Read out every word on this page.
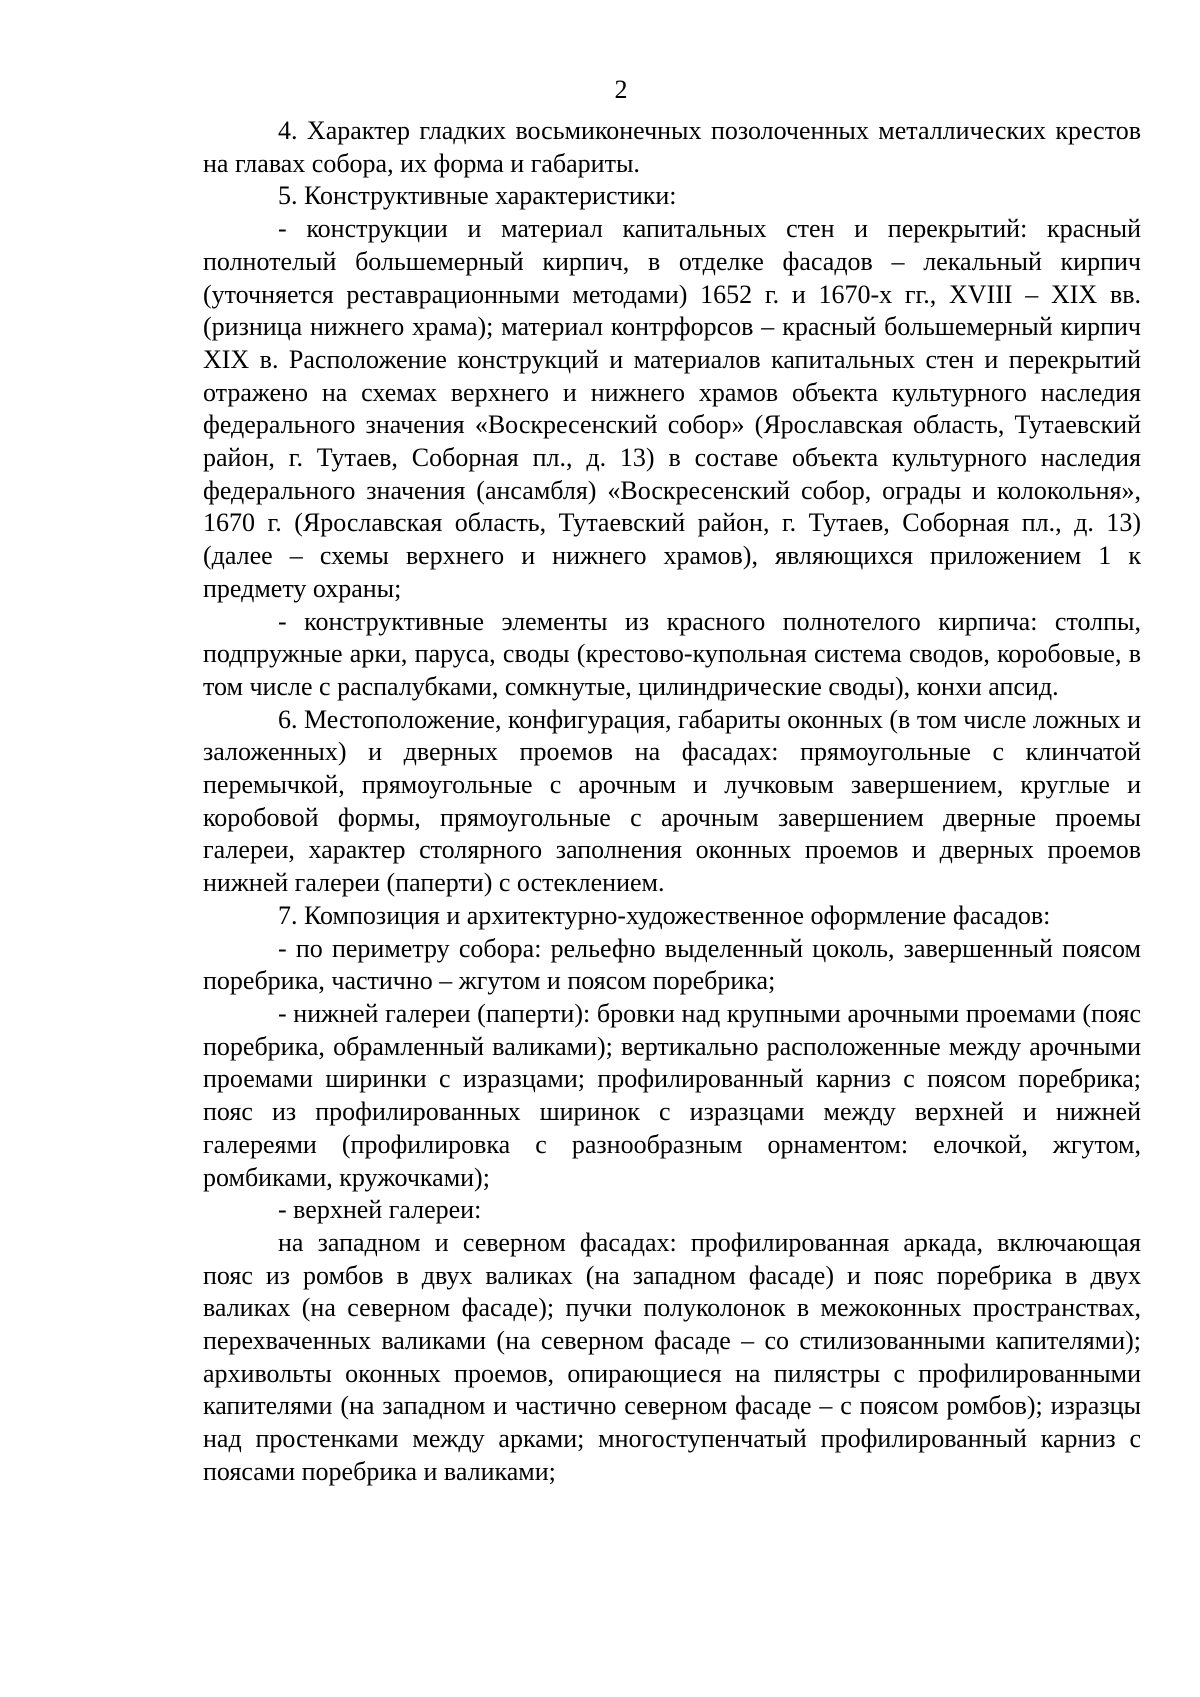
2

4. Характер гладких восьмиконечных позолоченных металлических крестов на главах собора, их форма и габариты.

5. Конструктивные характеристики:

- конструкции и материал капитальных стен и перекрытий: красный полнотелый большемерный кирпич, в отделке фасадов – лекальный кирпич (уточняется реставрационными методами) 1652 г. и 1670-х гг., XVIII – XIX вв. (ризница нижнего храма); материал контрфорсов – красный большемерный кирпич XIX в. Расположение конструкций и материалов капитальных стен и перекрытий отражено на схемах верхнего и нижнего храмов объекта культурного наследия федерального значения «Воскресенский собор» (Ярославская область, Тутаевский район, г. Тутаев, Соборная пл., д. 13) в составе объекта культурного наследия федерального значения (ансамбля) «Воскресенский собор, ограды и колокольня», 1670 г. (Ярославская область, Тутаевский район, г. Тутаев, Соборная пл., д. 13) (далее – схемы верхнего и нижнего храмов), являющихся приложением 1 к предмету охраны;

- конструктивные элементы из красного полнотелого кирпича: столпы, подпружные арки, паруса, своды (крестово-купольная система сводов, коробовые, в том числе с распалубками, сомкнутые, цилиндрические своды), конхи апсид.

6. Местоположение, конфигурация, габариты оконных (в том числе ложных и заложенных) и дверных проемов на фасадах: прямоугольные с клинчатой перемычкой, прямоугольные с арочным и лучковым завершением, круглые и коробовой формы, прямоугольные с арочным завершением дверные проемы галереи, характер столярного заполнения оконных проемов и дверных проемов нижней галереи (паперти) с остеклением.

7. Композиция и архитектурно-художественное оформление фасадов:

- по периметру собора: рельефно выделенный цоколь, завершенный поясом поребрика, частично – жгутом и поясом поребрика;

- нижней галереи (паперти): бровки над крупными арочными проемами (пояс поребрика, обрамленный валиками); вертикально расположенные между арочными проемами ширинки с изразцами; профилированный карниз с поясом поребрика; пояс из профилированных ширинок с изразцами между верхней и нижней галереями (профилировка с разнообразным орнаментом: елочкой, жгутом, ромбиками, кружочками);

- верхней галереи:

на западном и северном фасадах: профилированная аркада, включающая пояс из ромбов в двух валиках (на западном фасаде) и пояс поребрика в двух валиках (на северном фасаде); пучки полуколонок в межоконных пространствах, перехваченных валиками (на северном фасаде – со стилизованными капителями); архивольты оконных проемов, опирающиеся на пилястры с профилированными капителями (на западном и частично северном фасаде – с поясом ромбов); изразцы над простенками между арками; многоступенчатый профилированный карниз с поясами поребрика и валиками;
